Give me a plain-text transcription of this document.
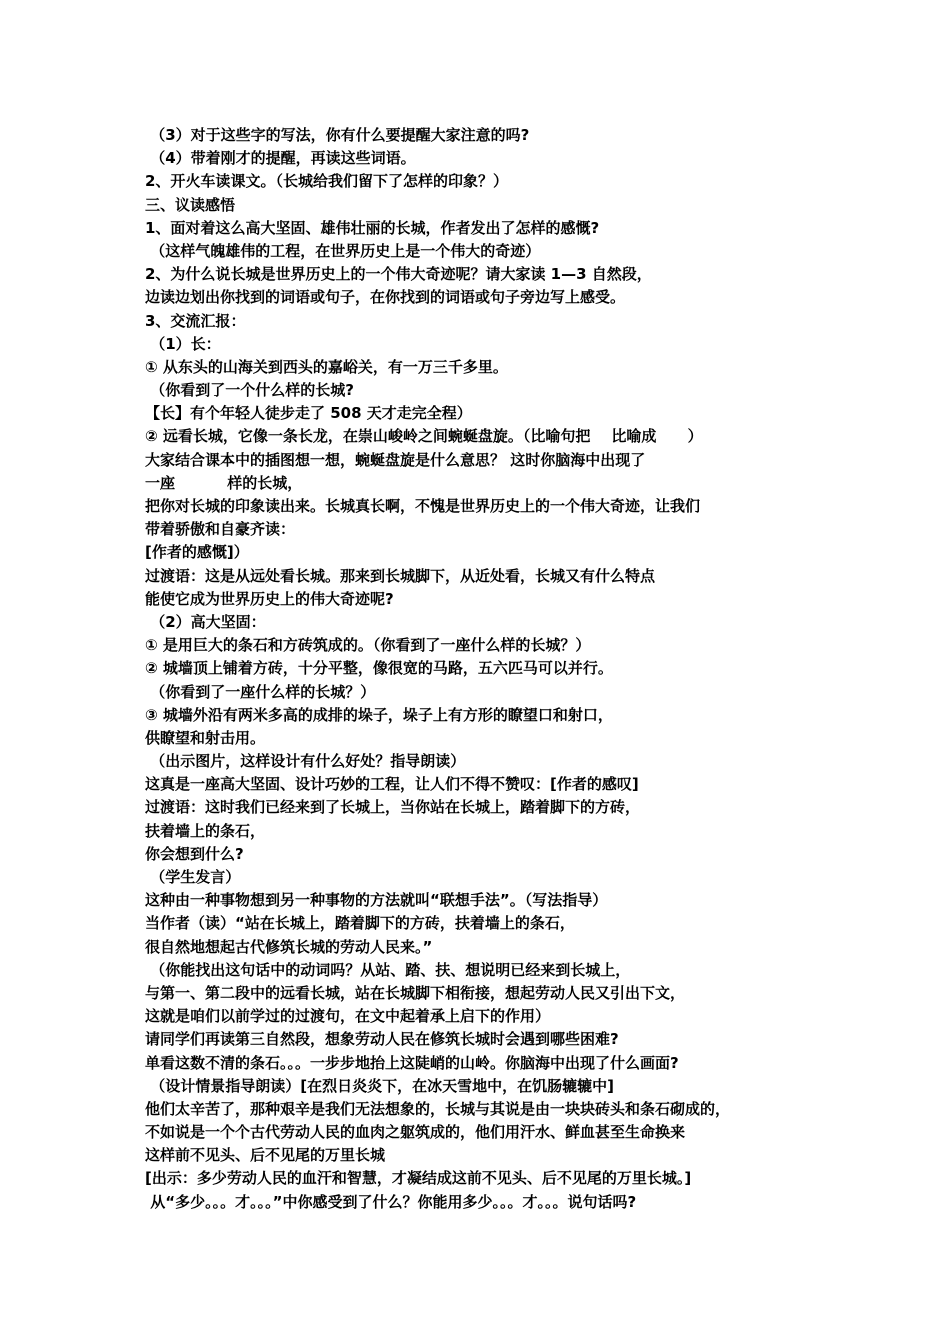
（3）对于这些字的写法，你有什么要提醒大家注意的吗?
（4）带着刚才的提醒，再读这些词语。
2、开火车读课文。（长城给我们留下了怎样的印象？）
三、议读感悟
1、面对着这么高大坚固、雄伟壮丽的长城，作者发出了怎样的感慨?
（这样气魄雄伟的工程，在世界历史上是一个伟大的奇迹）
2、为什么说长城是世界历史上的一个伟大奇迹呢？请大家读 1—3 自然段，
边读边划出你找到的词语或句子，在你找到的词语或句子旁边写上感受。
3、交流汇报：
（1）长：
① 从东头的山海关到西头的嘉峪关，有一万三千多里。
（你看到了一个什么样的长城?
【长】有个年轻人徒步走了 508 天才走完全程）
② 远看长城，它像一条长龙，在崇山峻岭之间蜿蜒盘旋。（比喻句把    比喻成      ）
大家结合课本中的插图想一想，蜿蜒盘旋是什么意思？ 这时你脑海中出现了
一座          样的长城，
把你对长城的印象读出来。长城真长啊，不愧是世界历史上的一个伟大奇迹，让我们
带着骄傲和自豪齐读：
[作者的感慨]）
过渡语：这是从远处看长城。那来到长城脚下，从近处看，长城又有什么特点
能使它成为世界历史上的伟大奇迹呢?
（2）高大坚固：
① 是用巨大的条石和方砖筑成的。（你看到了一座什么样的长城？）
② 城墙顶上铺着方砖，十分平整，像很宽的马路，五六匹马可以并行。
（你看到了一座什么样的长城？）
③ 城墙外沿有两米多高的成排的垛子，垛子上有方形的瞭望口和射口，
供瞭望和射击用。
（出示图片，这样设计有什么好处？指导朗读）
这真是一座高大坚固、设计巧妙的工程，让人们不得不赞叹：[作者的感叹]
过渡语：这时我们已经来到了长城上，当你站在长城上，踏着脚下的方砖，
扶着墙上的条石，
你会想到什么?
（学生发言）
这种由一种事物想到另一种事物的方法就叫“联想手法”。（写法指导）
当作者（读）“站在长城上，踏着脚下的方砖，扶着墙上的条石，
很自然地想起古代修筑长城的劳动人民来。”
（你能找出这句话中的动词吗？从站、踏、扶、想说明已经来到长城上，
与第一、第二段中的远看长城，站在长城脚下相衔接，想起劳动人民又引出下文，
这就是咱们以前学过的过渡句，在文中起着承上启下的作用）
请同学们再读第三自然段，想象劳动人民在修筑长城时会遇到哪些困难?
单看这数不清的条石。。。一步步地抬上这陡峭的山岭。你脑海中出现了什么画面?
（设计情景指导朗读）[在烈日炎炎下，在冰天雪地中，在饥肠辘辘中]
他们太辛苦了，那种艰辛是我们无法想象的，长城与其说是由一块块砖头和条石砌成的，
不如说是一个个古代劳动人民的血肉之躯筑成的，他们用汗水、鲜血甚至生命换来
这样前不见头、后不见尾的万里长城
[出示：多少劳动人民的血汗和智慧，才凝结成这前不见头、后不见尾的万里长城。]
从“多少。。。才。。。”中你感受到了什么？你能用多少。。。才。。。说句话吗?
